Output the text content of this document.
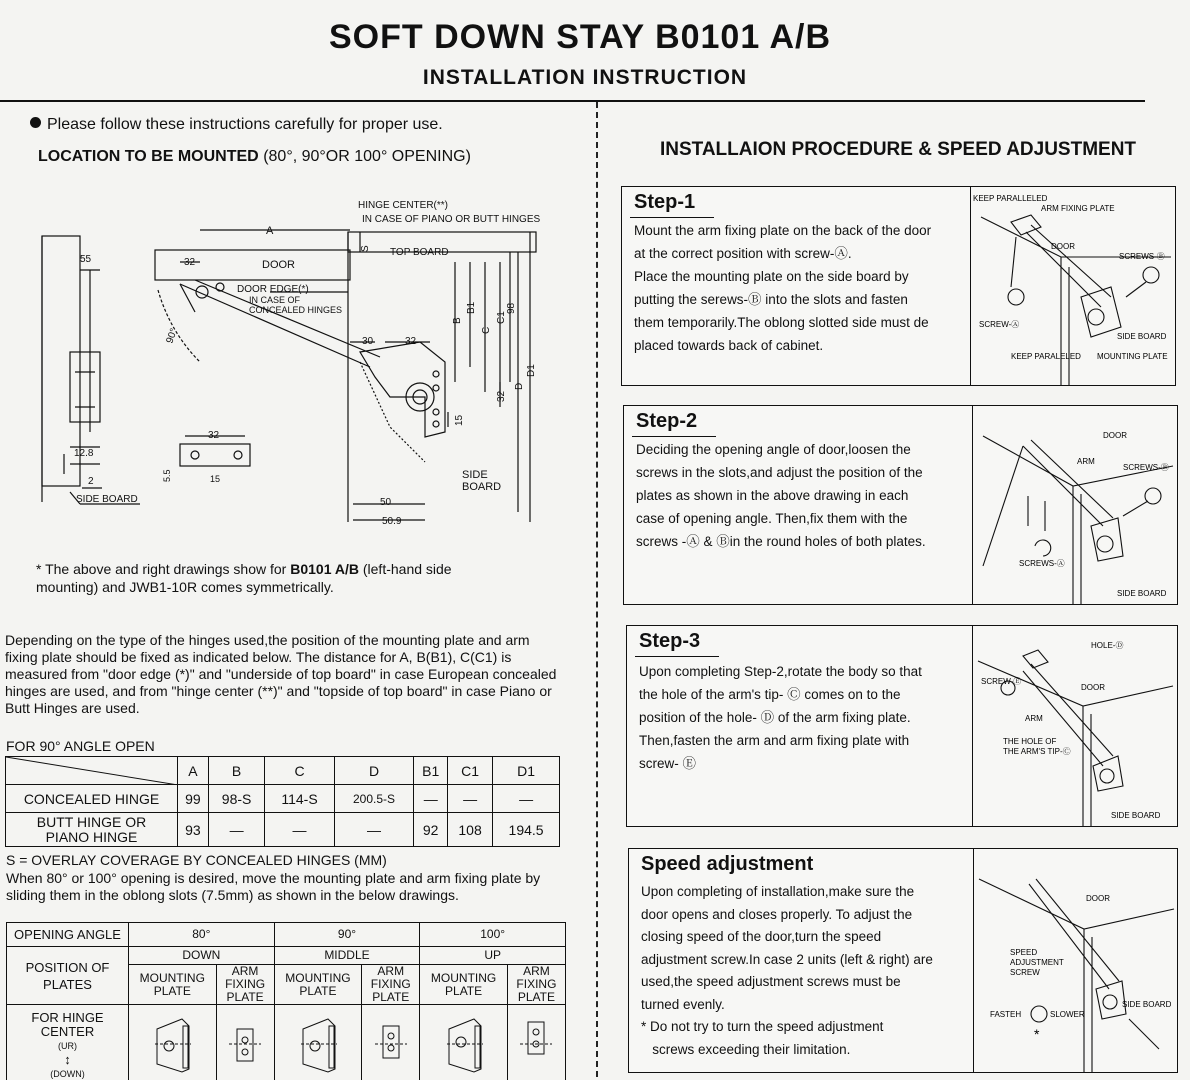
SOFT DOWN STAY B0101 A/B
INSTALLATION INSTRUCTION
Please follow these instructions carefully for proper use.
LOCATION TO BE MOUNTED (80°, 90°OR 100° OPENING)
HINGE CENTER(**)
IN CASE OF PIANO OR BUTT HINGES
TOP BOARD
DOOR
DOOR EDGE(*)
IN CASE OF
CONCEALED HINGES
SIDE
BOARD
SIDE BOARD
A
32
55
90°	30	32
32
15
15
5.5
12.8
2
50
50.9
S
B
B1
C
C1
98
32
D
D1
* The above and right drawings show for B0101 A/B (left-hand side mounting) and JWB1-10R comes symmetrically.
Depending on the type of the hinges used,the position of the mounting plate and arm fixing plate should be fixed as indicated below. The distance for A, B(B1), C(C1) is measured from "door edge (*)" and "underside of top board" in case European concealed hinges are used, and from "hinge center (**)" and "topside of top board" in case Piano or Butt Hinges are used.
FOR 90° ANGLE OPEN
	A	B	C	D	B1	C1	D1
CONCEALED HINGE	99	98-S	114-S	200.5-S	—	—	—
BUTT HINGE OR PIANO HINGE	93	—	—	—	92	108	194.5
S = OVERLAY COVERAGE BY CONCEALED HINGES (MM)
When 80° or 100° opening is desired, move the mounting plate and arm fixing plate by sliding them in the oblong slots (7.5mm) as shown in the below drawings.
OPENING ANGLE	80°		90°		100°	
POSITION OF PLATES	DOWN		MIDDLE		UP	
	MOUNTING PLATE	ARM FIXING PLATE	MOUNTING PLATE	ARM FIXING PLATE	MOUNTING PLATE	ARM FIXING PLATE

FOR HINGE CENTER
(UR)
↕
(DOWN)

INSTALLAION PROCEDURE & SPEED ADJUSTMENT
Step-1
Mount the arm fixing plate on the back of the door
at the correct position with screw-Ⓐ.
Place the mounting plate on the side board by
putting the serews-Ⓑ into the slots and fasten
them temporarily.The oblong slotted side must de
placed towards back of cabinet.
KEEP PARALLELED
ARM FIXING PLATE
DOOR
SCREWS-Ⓑ
SCREW-Ⓐ
SIDE BOARD
KEEP PARALELED MOUNTING PLATE
Step-2
Deciding the opening angle of door,loosen the
screws in the slots,and adjust the position of the
plates as shown in the above drawing in each
case of opening angle. Then,fix them with the
screws -Ⓐ & Ⓑin the round holes of both plates.
DOOR
ARM
SCREWS-Ⓑ
SCREWS-Ⓐ
SIDE BOARD
Step-3
Upon completing Step-2,rotate the body so that
the hole of the arm's tip- Ⓒ comes on to the
position of the hole- Ⓓ of the arm fixing plate.
Then,fasten the arm and arm fixing plate with
screw- Ⓔ
HOLE-Ⓓ
SCREW-Ⓔ
DOOR
ARM
THE HOLE OF
THE ARM'S TIP-Ⓒ
SIDE BOARD
Speed adjustment
Upon completing of installation,make sure the
door opens and closes properly. To adjust the
closing speed of the door,turn the speed
adjustment screw.In case 2 units (left & right) are
used,the speed adjustment screws must be
turned evenly.
* Do not try to turn the speed adjustment
screws exceeding their limitation.
DOOR
SPEED
ADJUSTMENT
SCREW
FASTEH	SLOWER
SIDE BOARD
*
